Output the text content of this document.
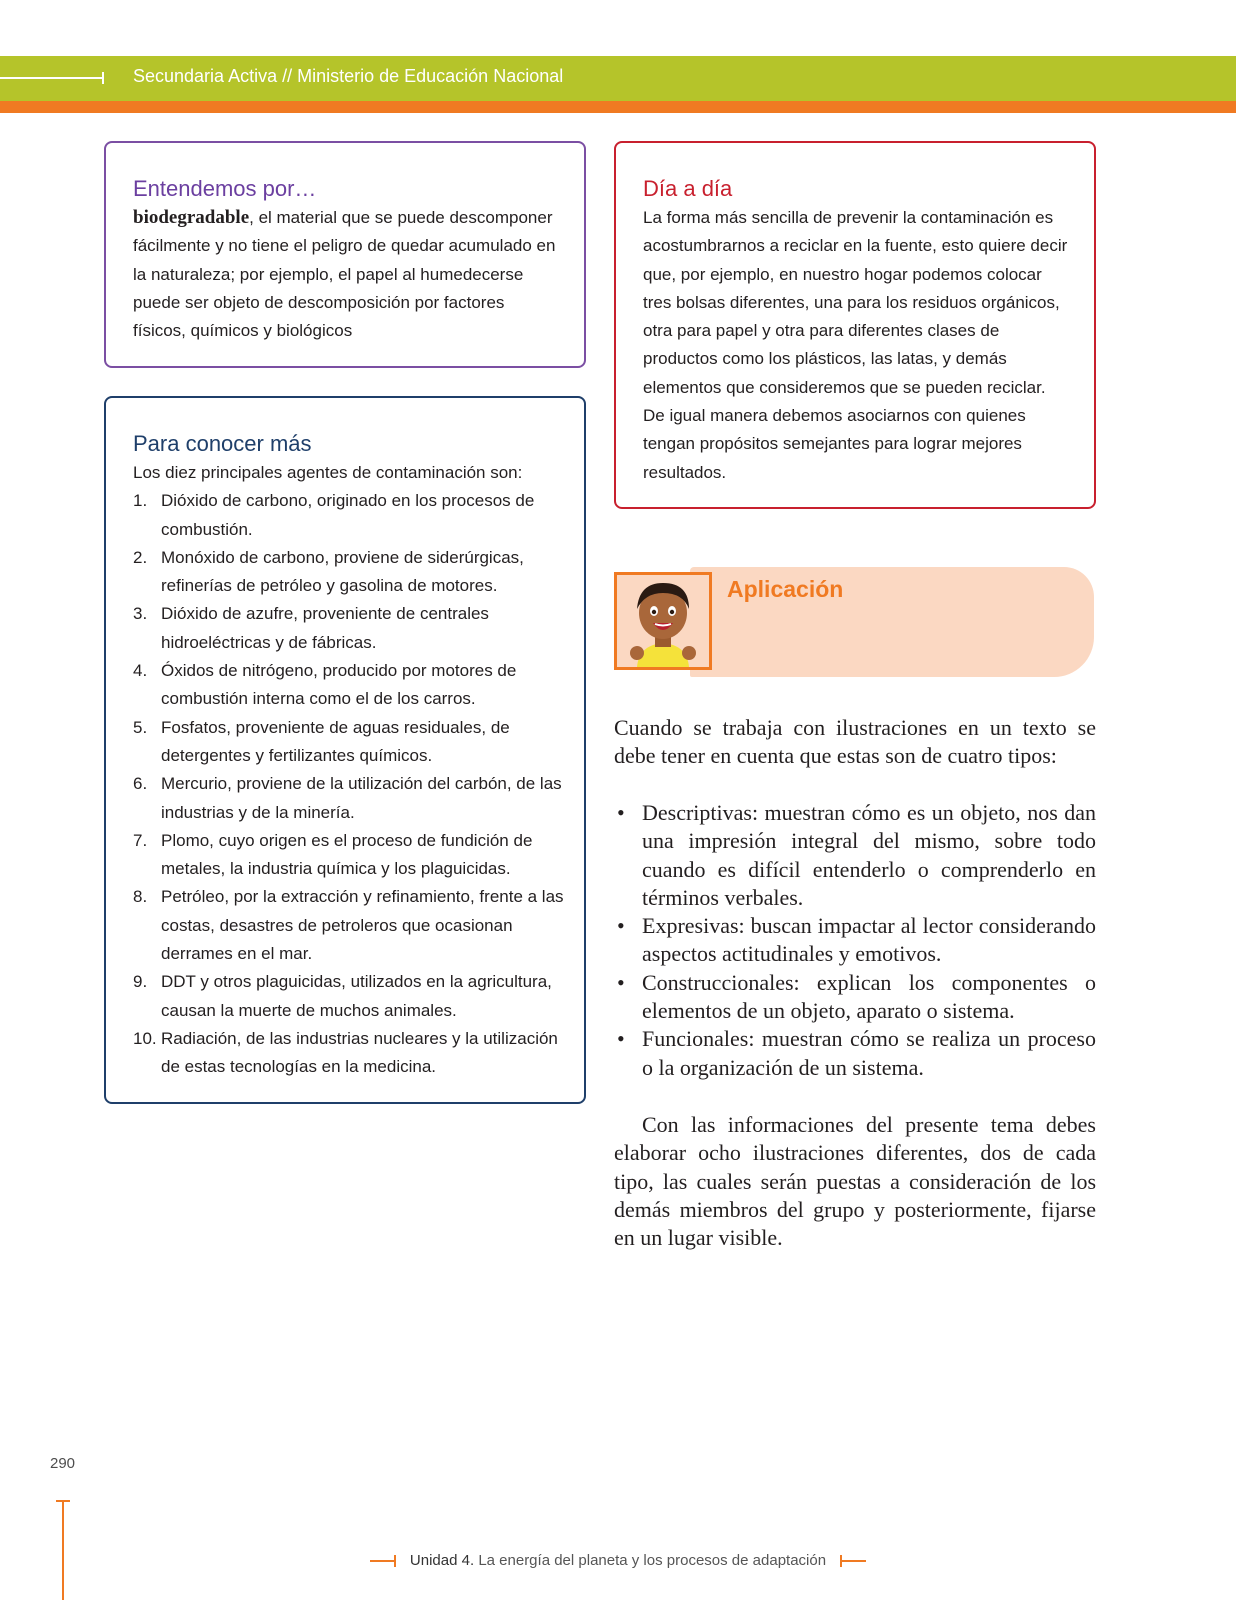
Secundaria Activa // Ministerio de Educación Nacional
Entendemos por…

biodegradable, el material que se puede descomponer fácilmente y no tiene el peligro de quedar acumulado en la naturaleza; por ejemplo, el papel al humedecerse puede ser objeto de descomposición por factores físicos, químicos y biológicos

Para conocer más

Los diez principales agentes de contaminación son:

1. Dióxido de carbono, originado en los procesos de combustión.
2. Monóxido de carbono, proviene de siderúrgicas, refinerías de petróleo y gasolina de motores.
3. Dióxido de azufre, proveniente de centrales hidroeléctricas y de fábricas.
4. Óxidos de nitrógeno, producido por motores de combustión interna como el de los carros.
5. Fosfatos, proveniente de aguas residuales, de detergentes y fertilizantes químicos.
6. Mercurio, proviene de la utilización del carbón, de las industrias y de la minería.
7. Plomo, cuyo origen es el proceso de fundición de metales, la industria química y los plaguicidas.
8. Petróleo, por la extracción y refinamiento, frente a las costas, desastres de petroleros que ocasionan derrames en el mar.
9. DDT y otros plaguicidas, utilizados en la agricultura, causan la muerte de muchos animales.
10. Radiación, de las industrias nucleares y la utilización de estas tecnologías en la medicina.
Día a día

La forma más sencilla de prevenir la contaminación es acostumbrarnos a reciclar en la fuente, esto quiere decir que, por ejemplo, en nuestro hogar podemos colocar tres bolsas diferentes, una para los residuos orgánicos, otra para papel y otra para diferentes clases de productos como los plásticos, las latas, y demás elementos que consideremos que se pueden reciclar. De igual manera debemos asociarnos con quienes tengan propósitos semejantes para lograr mejores resultados.

Aplicación

Cuando se trabaja con ilustraciones en un texto se debe tener en cuenta que estas son de cuatro tipos:

• Descriptivas: muestran cómo es un objeto, nos dan una impresión integral del mismo, sobre todo cuando es difícil entenderlo o comprenderlo en términos verbales.
• Expresivas: buscan impactar al lector considerando aspectos actitudinales y emotivos.
• Construccionales: explican los componentes o elementos de un objeto, aparato o sistema.
• Funcionales: muestran cómo se realiza un proceso o la organización de un sistema.

Con las informaciones del presente tema debes elaborar ocho ilustraciones diferentes, dos de cada tipo, las cuales serán puestas a consideración de los demás miembros del grupo y posteriormente, fijarse en un lugar visible.

290
Unidad 4. La energía del planeta y los procesos de adaptación
